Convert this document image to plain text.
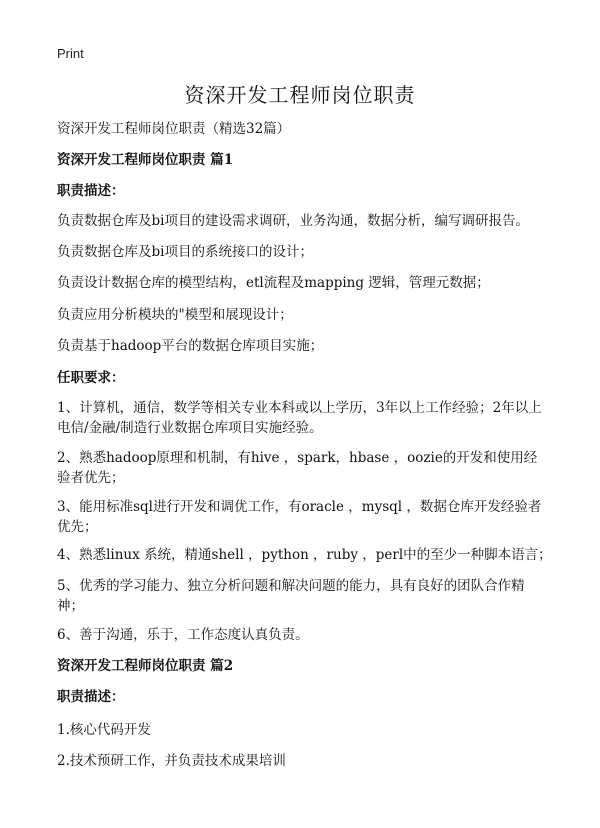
Print
资深开发工程师岗位职责
资深开发工程师岗位职责（精选32篇）
资深开发工程师岗位职责 篇1
职责描述：
负责数据仓库及bi项目的建设需求调研，业务沟通，数据分析，编写调研报告。
负责数据仓库及bi项目的系统接口的设计；
负责设计数据仓库的模型结构，etl流程及mapping 逻辑，管理元数据；
负责应用分析模块的"模型和展现设计；
负责基于hadoop平台的数据仓库项目实施；
任职要求：
1、计算机，通信，数学等相关专业本科或以上学历，3年以上工作经验；2年以上电信/金融/制造行业数据仓库项目实施经验。
2、熟悉hadoop原理和机制，有hive ，spark，hbase ，oozie的开发和使用经验者优先；
3、能用标准sql进行开发和调优工作，有oracle ，mysql ，数据仓库开发经验者优先；
4、熟悉linux 系统，精通shell ，python ，ruby ，perl中的至少一种脚本语言；
5、优秀的学习能力、独立分析问题和解决问题的能力，具有良好的团队合作精神；
6、善于沟通，乐于，工作态度认真负责。
资深开发工程师岗位职责 篇2
职责描述：
1.核心代码开发
2.技术预研工作，并负责技术成果培训
